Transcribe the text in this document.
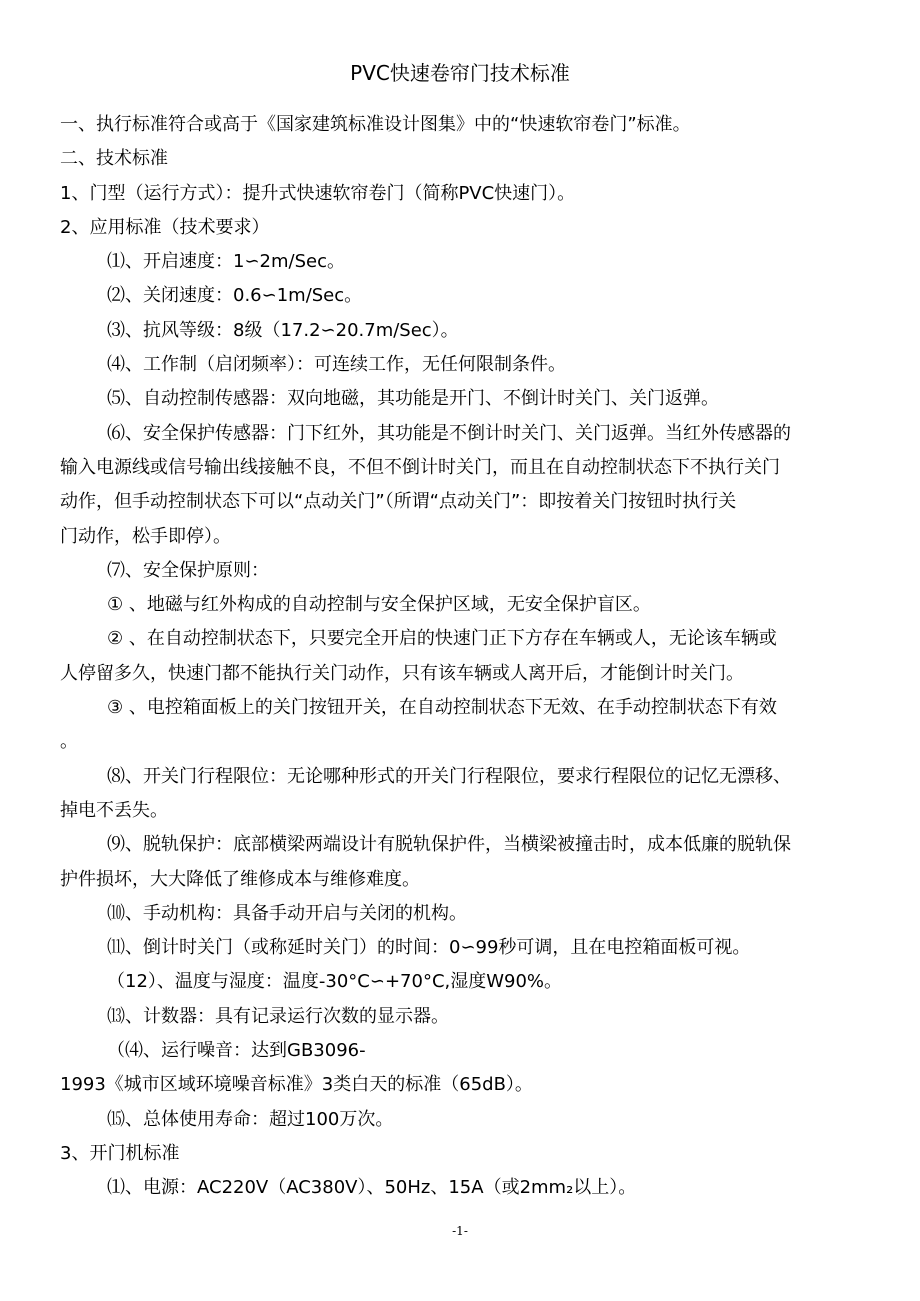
PVC快速卷帘门技术标准
一、执行标准符合或高于《国家建筑标准设计图集》中的“快速软帘卷门”标准。
二、技术标准
1、门型（运行方式）：提升式快速软帘卷门（简称PVC快速门）。
2、应用标准（技术要求）
⑴、开启速度：1∽2m/Sec。
⑵、关闭速度：0.6∽1m/Sec。
⑶、抗风等级：8级（17.2∽20.7m/Sec）。
⑷、工作制（启闭频率）：可连续工作，无任何限制条件。
⑸、自动控制传感器：双向地磁，其功能是开门、不倒计时关门、关门返弹。
⑹、安全保护传感器：门下红外，其功能是不倒计时关门、关门返弹。当红外传感器的
输入电源线或信号输出线接触不良，不但不倒计时关门，而且在自动控制状态下不执行关门
动作，但手动控制状态下可以“点动关门”（所谓“点动关门”：即按着关门按钮时执行关
门动作，松手即停）。
⑺、安全保护原则：
① 、地磁与红外构成的自动控制与安全保护区域，无安全保护盲区。
② 、在自动控制状态下，只要完全开启的快速门正下方存在车辆或人，无论该车辆或
人停留多久，快速门都不能执行关门动作，只有该车辆或人离开后，才能倒计时关门。
③ 、电控箱面板上的关门按钮开关，在自动控制状态下无效、在手动控制状态下有效
。
⑻、开关门行程限位：无论哪种形式的开关门行程限位，要求行程限位的记忆无漂移、
掉电不丢失。
⑼、脱轨保护：底部横梁两端设计有脱轨保护件，当横梁被撞击时，成本低廉的脱轨保
护件损坏，大大降低了维修成本与维修难度。
⑽、手动机构：具备手动开启与关闭的机构。
⑾、倒计时关门（或称延时关门）的时间：0∽99秒可调，且在电控箱面板可视。
（12）、温度与湿度：温度-30°C∽+70°C,湿度W90%。
⒀、计数器：具有记录运行次数的显示器。
（⑷、运行噪音：达到GB3096-
1993《城市区域环境噪音标准》3类白天的标准（65dB）。
⒂、总体使用寿命：超过100万次。
3、开门机标准
⑴、电源：AC220V（AC380V）、50Hz、15A（或2mm₂以上）。
-1-
